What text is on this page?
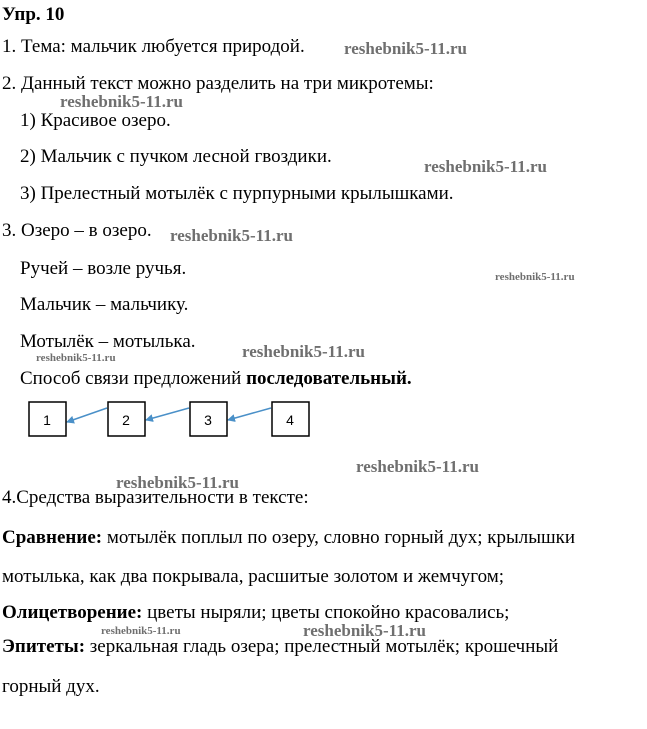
Упр. 10
1. Тема: мальчик любуется природой.
2. Данный текст можно разделить на три микротемы:
1) Красивое озеро.
2) Мальчик с пучком лесной гвоздики.
3) Прелестный мотылёк с пурпурными крылышками.
3. Озеро – в озеро.
Ручей – возле ручья.
Мальчик – мальчику.
Мотылёк – мотылька.
Способ связи предложений последовательный.
1	2	3	4
4.Средства выразительности в тексте:
Сравнение: мотылёк поплыл по озеру, словно горный дух; крылышки
мотылька, как два покрывала, расшитые золотом и жемчугом;
Олицетворение: цветы ныряли; цветы спокойно красовались;
Эпитеты: зеркальная гладь озера; прелестный мотылёк; крошечный
горный дух.
reshebnik5-11.ru
reshebnik5-11.ru
reshebnik5-11.ru
reshebnik5-11.ru
reshebnik5-11.ru
reshebnik5-11.ru
reshebnik5-11.ru
reshebnik5-11.ru
reshebnik5-11.ru
reshebnik5-11.ru	reshebnik5-11.ru
